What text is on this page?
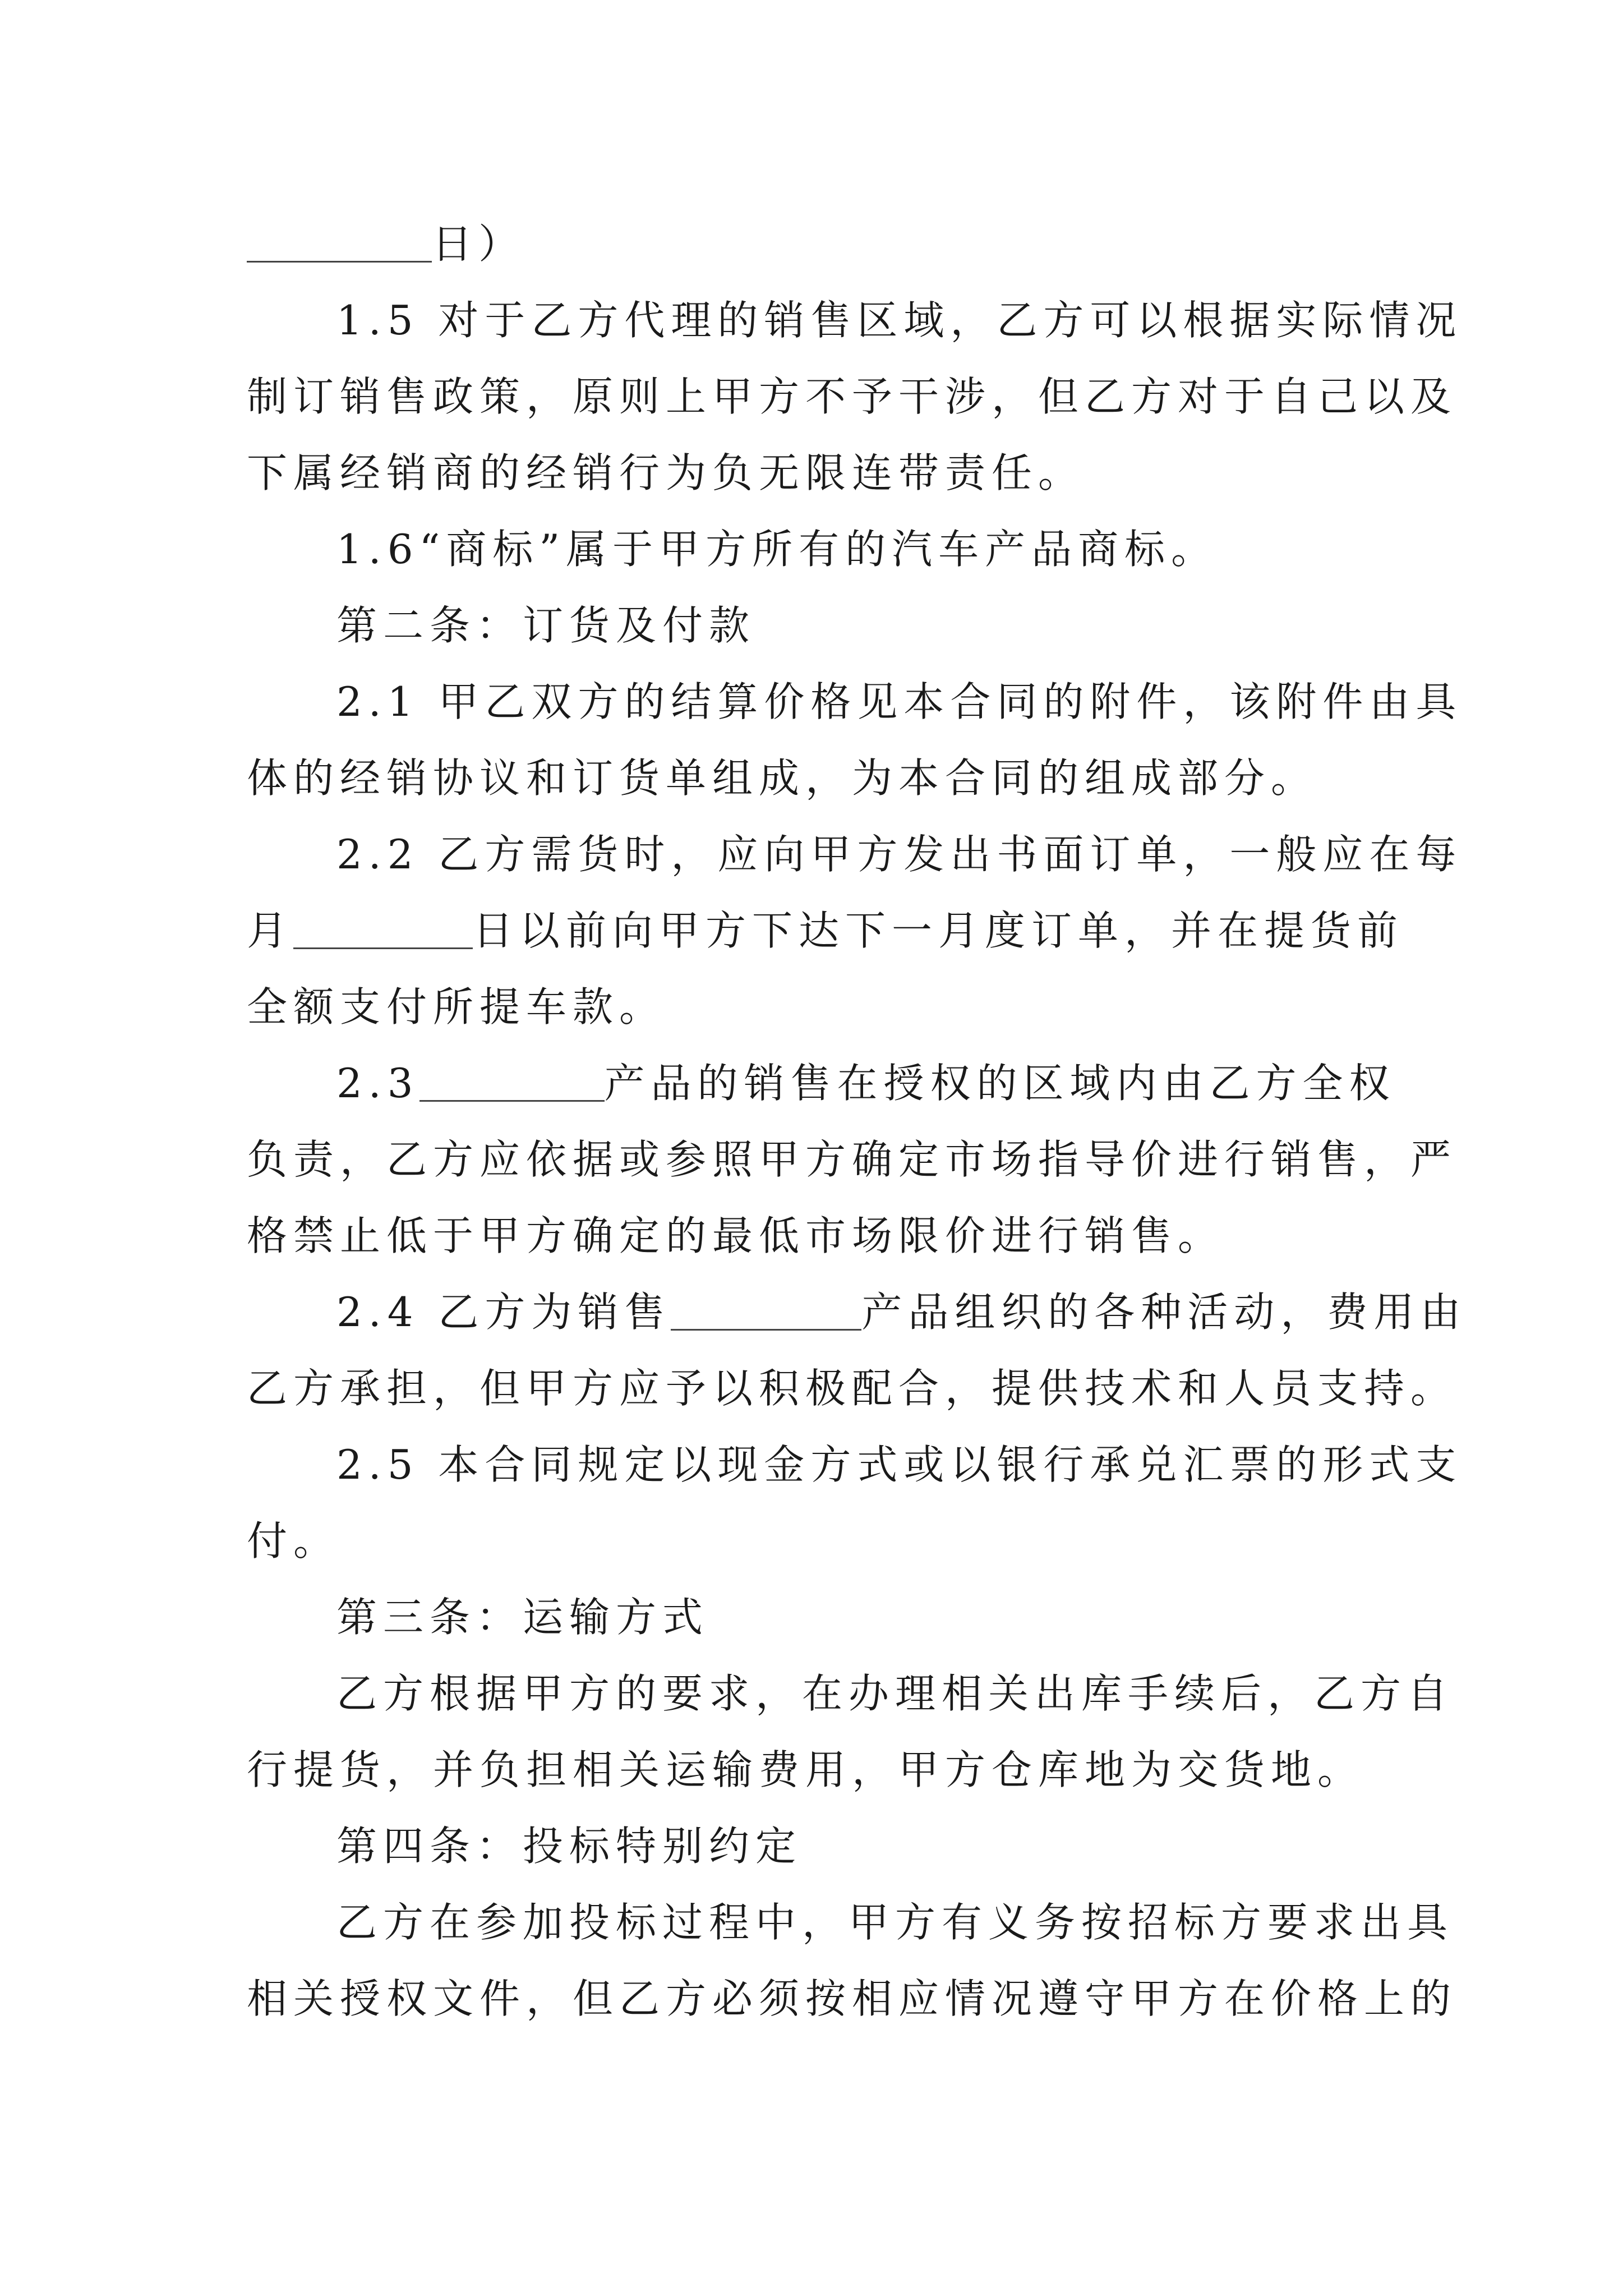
日）
1.5 对于乙方代理的销售区域，乙方可以根据实际情况
制订销售政策，原则上甲方不予干涉，但乙方对于自己以及
下属经销商的经销行为负无限连带责任。
1.6“商标”属于甲方所有的汽车产品商标。
第二条：订货及付款
2.1 甲乙双方的结算价格见本合同的附件，该附件由具
体的经销协议和订货单组成，为本合同的组成部分。
2.2 乙方需货时，应向甲方发出书面订单，一般应在每
月	日以前向甲方下达下一月度订单，并在提货前
全额支付所提车款。
2.3	产品的销售在授权的区域内由乙方全权
负责，乙方应依据或参照甲方确定市场指导价进行销售，严
格禁止低于甲方确定的最低市场限价进行销售。
2.4 乙方为销售	产品组织的各种活动，费用由
乙方承担，但甲方应予以积极配合，提供技术和人员支持。
2.5 本合同规定以现金方式或以银行承兑汇票的形式支
付。
第三条：运输方式
乙方根据甲方的要求，在办理相关出库手续后，乙方自
行提货，并负担相关运输费用，甲方仓库地为交货地。
第四条：投标特别约定
乙方在参加投标过程中，甲方有义务按招标方要求出具
相关授权文件，但乙方必须按相应情况遵守甲方在价格上的
